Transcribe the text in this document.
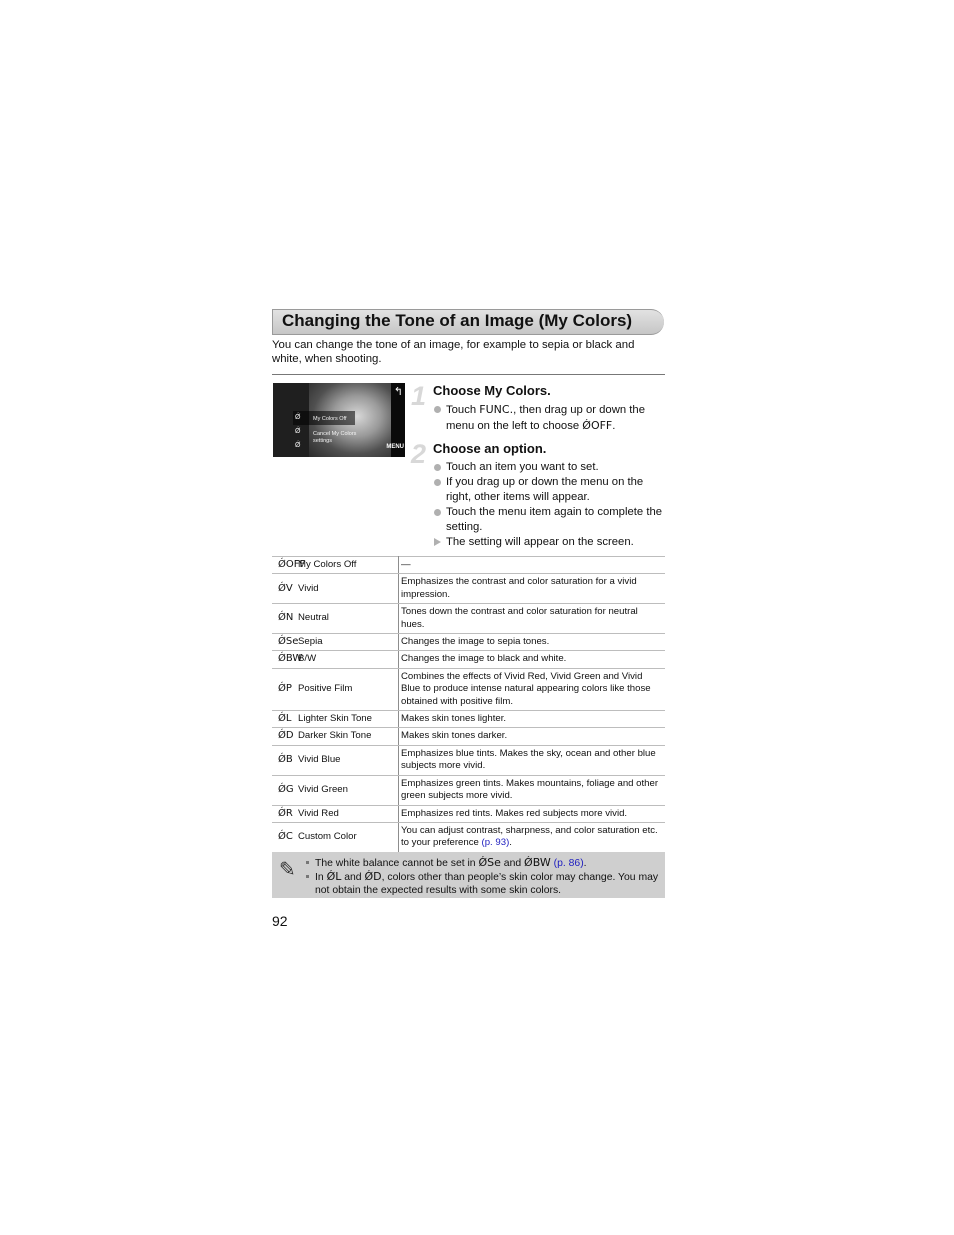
Changing the Tone of an Image (My Colors)
You can change the tone of an image, for example to sepia or black and white, when shooting.
Ǿ
Ǿ
Ǿ
My Colors Off
Cancel My Colors
settings
↰
MENU
1 Choose My Colors.
Touch FUNC., then drag up or down the menu on the left to choose ǾOFF.
2 Choose an option.
Touch an item you want to set.
If you drag up or down the menu on the right, other items will appear.
Touch the menu item again to complete the setting.
The setting will appear on the screen.
ǾOFFMy Colors Off	—
ǾV Vivid	Emphasizes the contrast and color saturation for a vivid impression.
ǾN Neutral	Tones down the contrast and color saturation for neutral hues.
ǾSeSepia	Changes the image to sepia tones.
ǾBWB/W	Changes the image to black and white.
ǾP Positive Film	Combines the effects of Vivid Red, Vivid Green and Vivid Blue to produce intense natural appearing colors like those obtained with positive film.
ǾL Lighter Skin Tone	Makes skin tones lighter.
ǾD Darker Skin Tone	Makes skin tones darker.
ǾB Vivid Blue	Emphasizes blue tints. Makes the sky, ocean and other blue subjects more vivid.
ǾG Vivid Green	Emphasizes green tints. Makes mountains, foliage and other green subjects more vivid.
ǾR Vivid Red	Emphasizes red tints. Makes red subjects more vivid.
ǾC Custom Color	You can adjust contrast, sharpness, and color saturation etc. to your preference (p. 93).
✎	The white balance cannot be set in ǾSe and ǾBW (p. 86).
In ǾL and ǾD, colors other than people’s skin color may change. You may not obtain the expected results with some skin colors.
92
